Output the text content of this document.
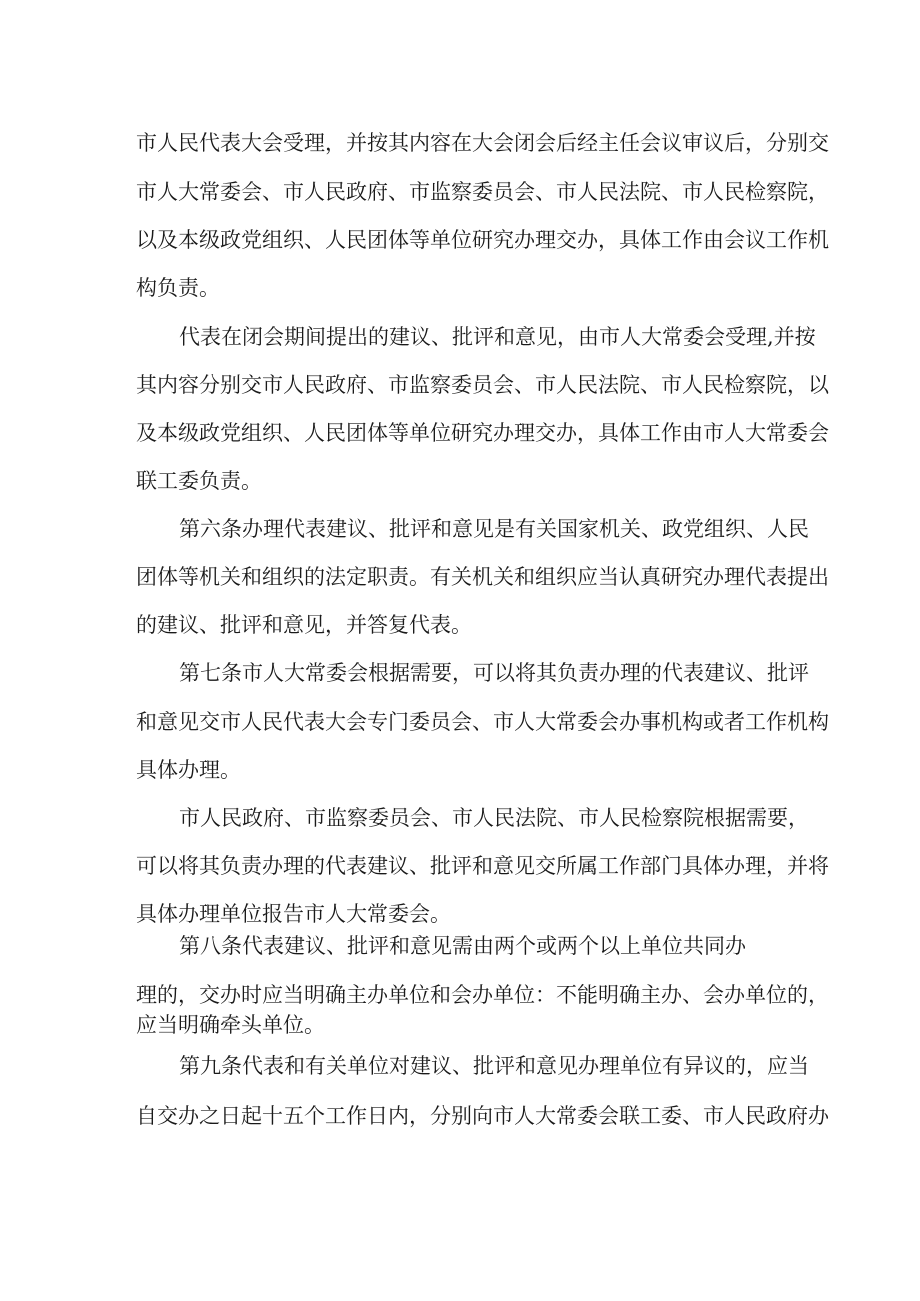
市人民代表大会受理，并按其内容在大会闭会后经主任会议审议后，分别交
市人大常委会、市人民政府、市监察委员会、市人民法院、市人民检察院，
以及本级政党组织、人民团体等单位研究办理交办，具体工作由会议工作机
构负责。
代表在闭会期间提出的建议、批评和意见，由市人大常委会受理,并按
其内容分别交市人民政府、市监察委员会、市人民法院、市人民检察院，以
及本级政党组织、人民团体等单位研究办理交办，具体工作由市人大常委会
联工委负责。
第六条办理代表建议、批评和意见是有关国家机关、政党组织、人民
团体等机关和组织的法定职责。有关机关和组织应当认真研究办理代表提出
的建议、批评和意见，并答复代表。
第七条市人大常委会根据需要，可以将其负责办理的代表建议、批评
和意见交市人民代表大会专门委员会、市人大常委会办事机构或者工作机构
具体办理。
市人民政府、市监察委员会、市人民法院、市人民检察院根据需要，
可以将其负责办理的代表建议、批评和意见交所属工作部门具体办理，并将
具体办理单位报告市人大常委会。
第八条代表建议、批评和意见需由两个或两个以上单位共同办
理的，交办时应当明确主办单位和会办单位：不能明确主办、会办单位的，
应当明确牵头单位。
第九条代表和有关单位对建议、批评和意见办理单位有异议的，应当
自交办之日起十五个工作日内，分别向市人大常委会联工委、市人民政府办
